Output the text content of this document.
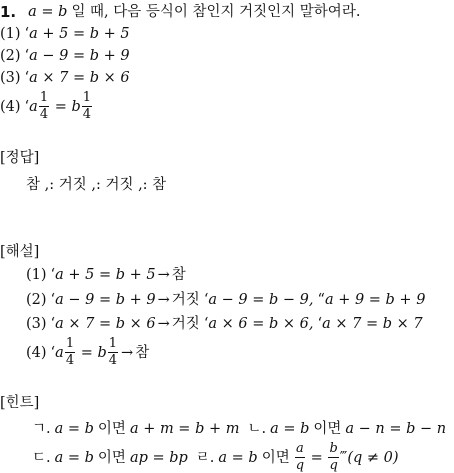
1. a = b 일 때, 다음 등식이 참인지 거짓인지 말하여라.
(1) ‘ a + 5 = b + 5
(2) ‘ a − 9 = b + 9
(3) ‘ a × 7 = b × 6
(4) ‘ a $\frac{1}{4} = b \frac{1}{4}$
[정답]
참 ,: 거짓 ,: 거짓 ,: 참
[해설]
(1) ‘ a + 5 = b + 5 → 참
(2) ‘ a − 9 = b + 9 → 거짓 ‘ a − 9 = b − 9, “ a + 9 = b + 9
(3) ‘ a × 7 = b × 6 → 거짓 ‘ a × 6 = b × 6, ‘ a × 7 = b × 7
(4) ‘ a $\frac{1}{4} = b \frac{1}{4}$ → 참
[힌트]
ㄱ. a = b 이면 a + m = b + m ㄴ. a = b 이면 a − n = b − n
ㄷ. a = b 이면 ap = bp ㄹ. a = b 이면 $\frac{a}{q}$
=
$\frac{b}{q}$ ‴ (q ≠ 0)
